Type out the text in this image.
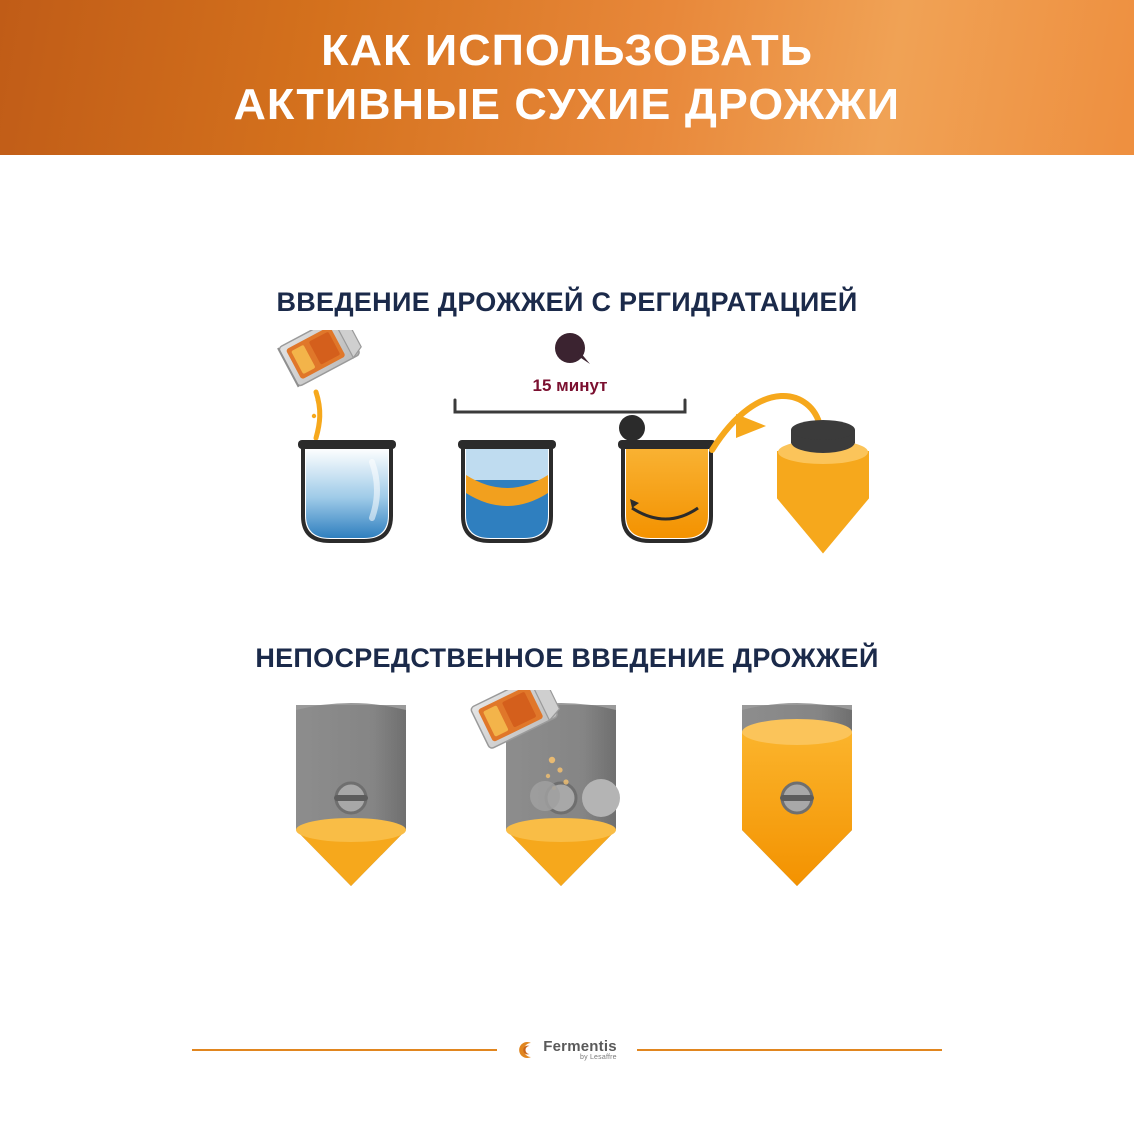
КАК ИСПОЛЬЗОВАТЬ
АКТИВНЫЕ СУХИЕ ДРОЖЖИ
ВВЕДЕНИЕ ДРОЖЖЕЙ С РЕГИДРАТАЦИЕЙ
15 минут
НЕПОСРЕДСТВЕННОЕ ВВЕДЕНИЕ ДРОЖЖЕЙ
Fermentis
by Lesaffre
